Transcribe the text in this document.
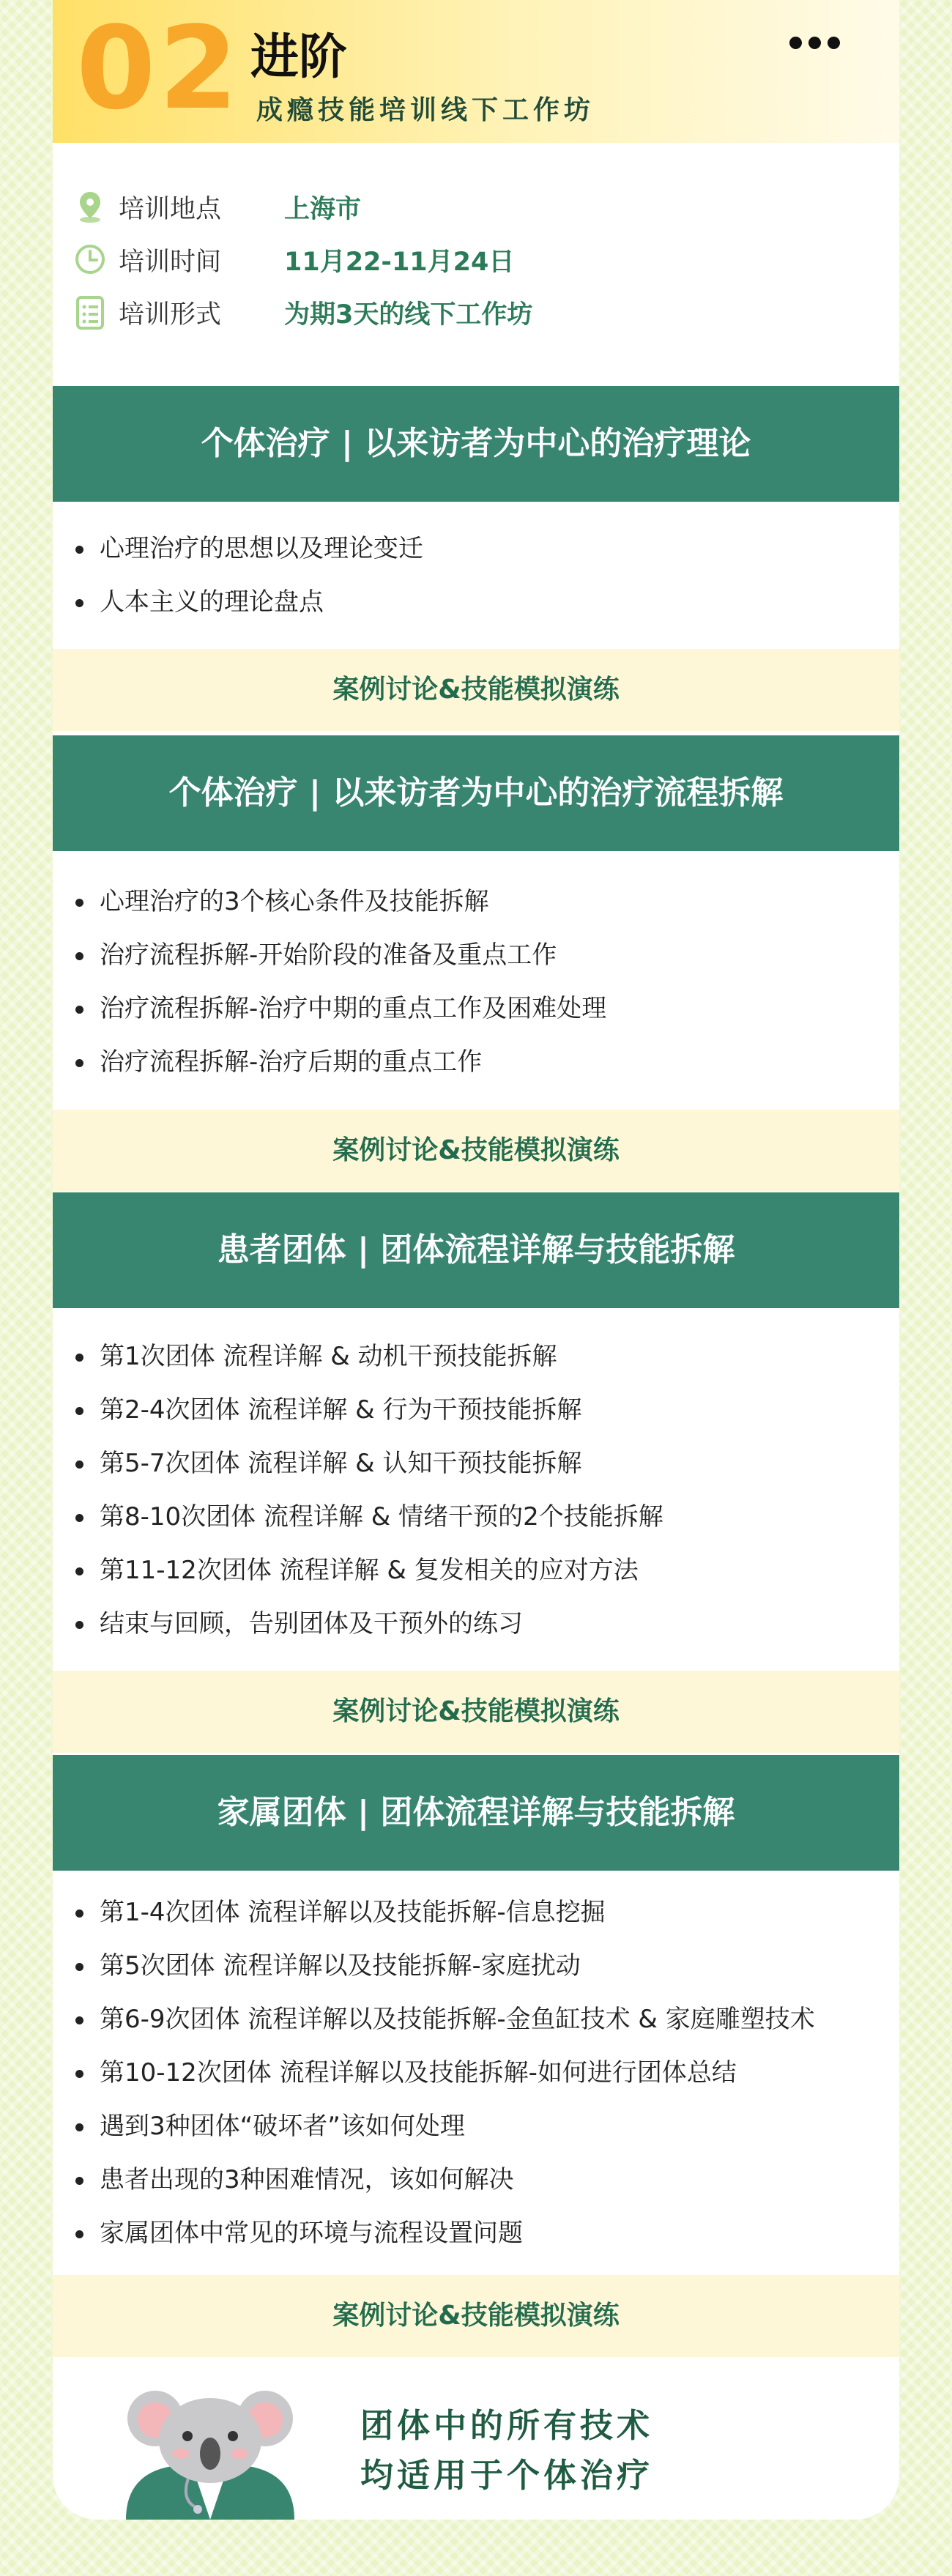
02 进阶
成瘾技能培训线下工作坊
培训地点 上海市
培训时间 11月22-11月24日
培训形式 为期3天的线下工作坊
个体治疗 | 以来访者为中心的治疗理论
心理治疗的思想以及理论变迁
人本主义的理论盘点
案例讨论&技能模拟演练
个体治疗 | 以来访者为中心的治疗流程拆解
心理治疗的3个核心条件及技能拆解
治疗流程拆解-开始阶段的准备及重点工作
治疗流程拆解-治疗中期的重点工作及困难处理
治疗流程拆解-治疗后期的重点工作
案例讨论&技能模拟演练
患者团体 | 团体流程详解与技能拆解
第1次团体 流程详解 & 动机干预技能拆解
第2-4次团体 流程详解 & 行为干预技能拆解
第5-7次团体 流程详解 & 认知干预技能拆解
第8-10次团体 流程详解 & 情绪干预的2个技能拆解
第11-12次团体 流程详解 & 复发相关的应对方法
结束与回顾，告别团体及干预外的练习
案例讨论&技能模拟演练
家属团体 | 团体流程详解与技能拆解
第1-4次团体 流程详解以及技能拆解-信息挖掘
第5次团体 流程详解以及技能拆解-家庭扰动
第6-9次团体 流程详解以及技能拆解-金鱼缸技术 & 家庭雕塑技术
第10-12次团体 流程详解以及技能拆解-如何进行团体总结
遇到3种团体“破坏者”该如何处理
患者出现的3种困难情况，该如何解决
家属团体中常见的环境与流程设置问题
案例讨论&技能模拟演练
团体中的所有技术
均适用于个体治疗
